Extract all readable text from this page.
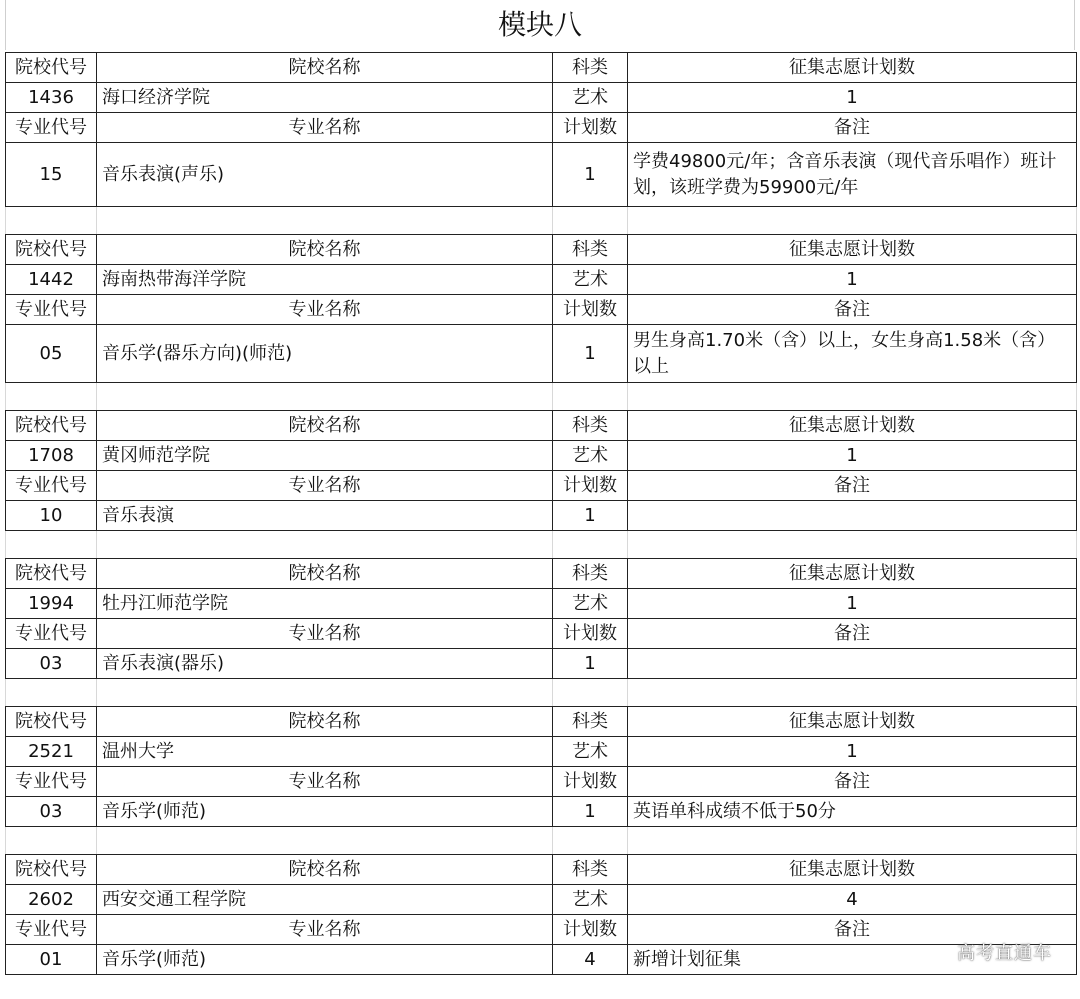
模块八
院校代号	院校名称	科类	征集志愿计划数
1436	海口经济学院	艺术	1
专业代号	专业名称	计划数	备注
15	音乐表演(声乐)	1	学费49800元/年；含音乐表演（现代音乐唱作）班计划，该班学费为59900元/年

院校代号	院校名称	科类	征集志愿计划数
1442	海南热带海洋学院	艺术	1
专业代号	专业名称	计划数	备注
05	音乐学(器乐方向)(师范)	1	男生身高1.70米（含）以上，女生身高1.58米（含）以上

院校代号	院校名称	科类	征集志愿计划数
1708	黄冈师范学院	艺术	1
专业代号	专业名称	计划数	备注
10	音乐表演	1	

院校代号	院校名称	科类	征集志愿计划数
1994	牡丹江师范学院	艺术	1
专业代号	专业名称	计划数	备注
03	音乐表演(器乐)	1	

院校代号	院校名称	科类	征集志愿计划数
2521	温州大学	艺术	1
专业代号	专业名称	计划数	备注
03	音乐学(师范)	1	英语单科成绩不低于50分

院校代号	院校名称	科类	征集志愿计划数
2602	西安交通工程学院	艺术	4
专业代号	专业名称	计划数	备注
01	音乐学(师范)	4	新增计划征集	高考直通车
